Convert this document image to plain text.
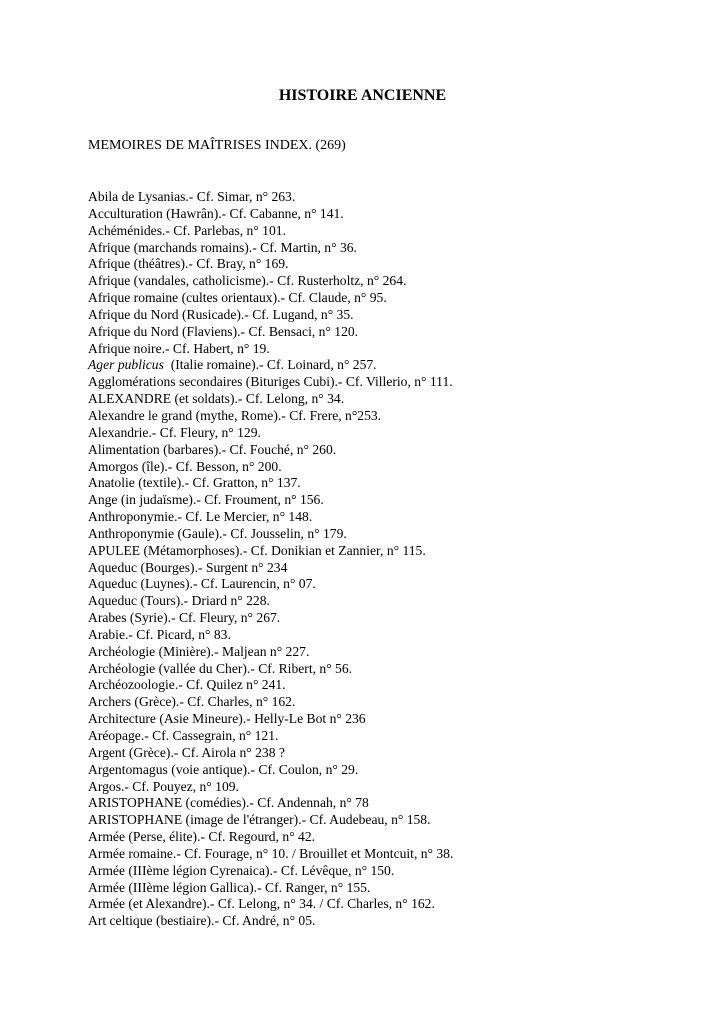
HISTOIRE ANCIENNE

MEMOIRES DE MAÎTRISES INDEX. (269)

Abila de Lysanias.- Cf. Simar, n° 263.
Acculturation (Hawrân).- Cf. Cabanne, n° 141.
Achéménides.- Cf. Parlebas, n° 101.
Afrique (marchands romains).- Cf. Martin, n° 36.
Afrique (théâtres).- Cf. Bray, n° 169.
Afrique (vandales, catholicisme).- Cf. Rusterholtz, n° 264.
Afrique romaine (cultes orientaux).- Cf. Claude, n° 95.
Afrique du Nord (Rusicade).- Cf. Lugand, n° 35.
Afrique du Nord (Flaviens).- Cf. Bensaci, n° 120.
Afrique noire.- Cf. Habert, n° 19.
Ager publicus  (Italie romaine).- Cf. Loinard, n° 257.
Agglomérations secondaires (Bituriges Cubi).- Cf. Villerio, n° 111.
ALEXANDRE (et soldats).- Cf. Lelong, n° 34.
Alexandre le grand (mythe, Rome).- Cf. Frere, n°253.
Alexandrie.- Cf. Fleury, n° 129.
Alimentation (barbares).- Cf. Fouché, n° 260.
Amorgos (île).- Cf. Besson, n° 200.
Anatolie (textile).- Cf. Gratton, n° 137.
Ange (in judaïsme).- Cf. Froument, n° 156.
Anthroponymie.- Cf. Le Mercier, n° 148.
Anthroponymie (Gaule).- Cf. Jousselin, n° 179.
APULEE (Métamorphoses).- Cf. Donikian et Zannier, n° 115.
Aqueduc (Bourges).- Surgent n° 234
Aqueduc (Luynes).- Cf. Laurencin, n° 07.
Aqueduc (Tours).- Driard n° 228.
Arabes (Syrie).- Cf. Fleury, n° 267.
Arabie.- Cf. Picard, n° 83.
Archéologie (Minière).- Maljean n° 227.
Archéologie (vallée du Cher).- Cf. Ribert, n° 56.
Archéozoologie.- Cf. Quilez n° 241.
Archers (Grèce).- Cf. Charles, n° 162.
Architecture (Asie Mineure).- Helly-Le Bot n° 236
Aréopage.- Cf. Cassegrain, n° 121.
Argent (Grèce).- Cf. Airola n° 238 ?
Argentomagus (voie antique).- Cf. Coulon, n° 29.
Argos.- Cf. Pouyez, n° 109.
ARISTOPHANE (comédies).- Cf. Andennah, n° 78
ARISTOPHANE (image de l'étranger).- Cf. Audebeau, n° 158.
Armée (Perse, élite).- Cf. Regourd, n° 42.
Armée romaine.- Cf. Fourage, n° 10. / Brouillet et Montcuit, n° 38.
Armée (IIIème légion Cyrenaica).- Cf. Lévêque, n° 150.
Armée (IIIème légion Gallica).- Cf. Ranger, n° 155.
Armée (et Alexandre).- Cf. Lelong, n° 34. / Cf. Charles, n° 162.
Art celtique (bestiaire).- Cf. André, n° 05.
